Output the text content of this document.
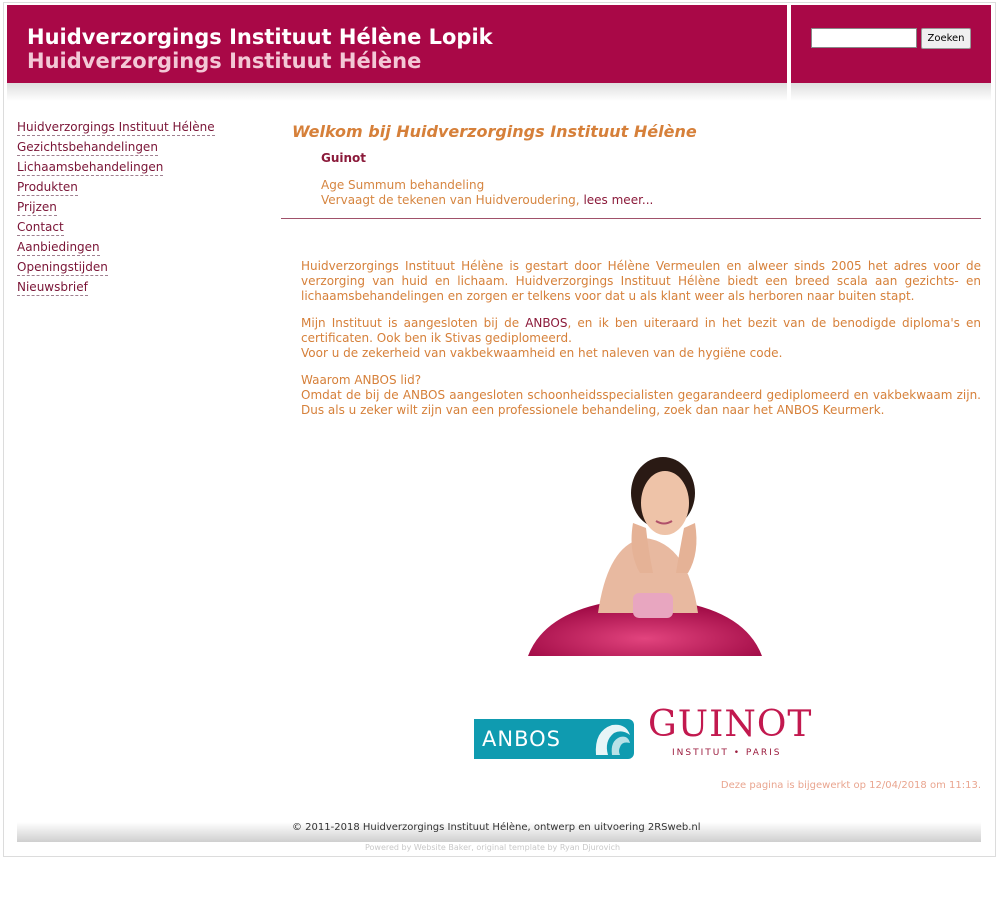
Huidverzorgings Instituut Hélène Lopik
Huidverzorgings Instituut Hélène
Zoeken
Huidverzorgings Instituut Hélène
Gezichtsbehandelingen
Lichaamsbehandelingen
Produkten
Prijzen
Contact
Aanbiedingen
Openingstijden
Nieuwsbrief
Welkom bij Huidverzorgings Instituut Hélène
Guinot
Age Summum behandeling
Vervaagt de tekenen van Huidveroudering, lees meer...

Huidverzorgings Instituut Hélène is gestart door Hélène Vermeulen en alweer sinds 2005 het adres voor de verzorging van huid en lichaam. Huidverzorgings Instituut Hélène biedt een breed scala aan gezichts- en lichaamsbehandelingen en zorgen er telkens voor dat u als klant weer als herboren naar buiten stapt.

Mijn Instituut is aangesloten bij de ANBOS, en ik ben uiteraard in het bezit van de benodigde diploma's en certificaten. Ook ben ik Stivas gediplomeerd.
Voor u de zekerheid van vakbekwaamheid en het naleven van de hygiëne code.

Waarom ANBOS lid?
Omdat de bij de ANBOS aangesloten schoonheidsspecialisten gegarandeerd gediplomeerd en vakbekwaam zijn. Dus als u zeker wilt zijn van een professionele behandeling, zoek dan naar het ANBOS Keurmerk.

ANBOS GUINOT
INSTITUT • PARIS
Deze pagina is bijgewerkt op 12/04/2018 om 11:13.
© 2011-2018 Huidverzorgings Instituut Hélène, ontwerp en uitvoering 2RSweb.nl
Powered by Website Baker, original template by Ryan Djurovich
